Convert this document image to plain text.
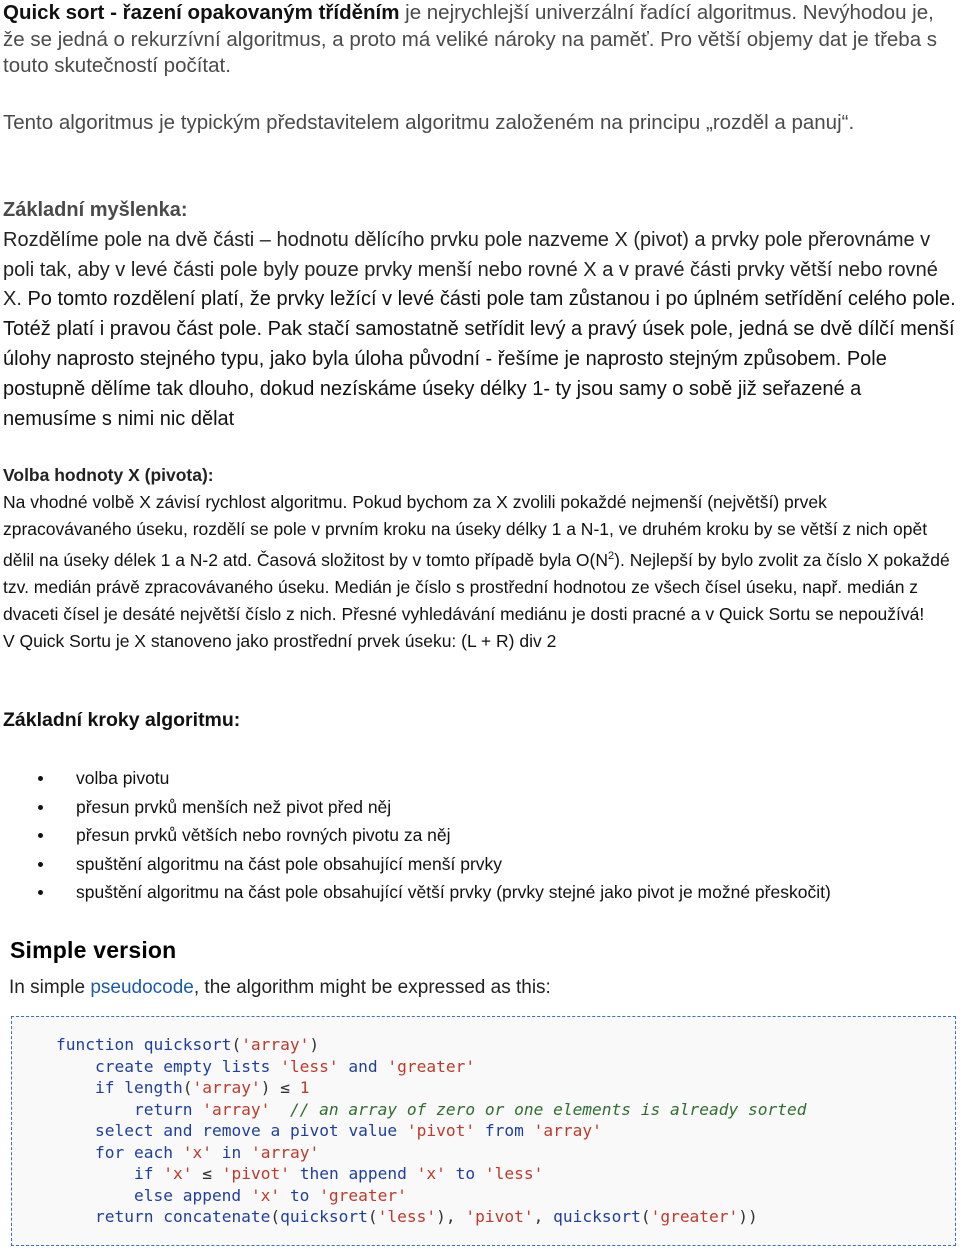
Quick sort - řazení opakovaným tříděním je nejrychlejší univerzální řadící algoritmus. Nevýhodou je, že se jedná o rekurzívní algoritmus, a proto má veliké nároky na paměť. Pro větší objemy dat je třeba s touto skutečností počítat.

Tento algoritmus je typickým představitelem algoritmu založeném na principu „rozděl a panuj“.

Základní myšlenka:
Rozdělíme pole na dvě části – hodnotu dělícího prvku pole nazveme X (pivot) a prvky pole přerovnáme v poli tak, aby v levé části pole byly pouze prvky menší nebo rovné X a v pravé části prvky větší nebo rovné X. Po tomto rozdělení platí, že prvky ležící v levé části pole tam zůstanou i po úplném setřídění celého pole. Totéž platí i pravou část pole. Pak stačí samostatně setřídit levý a pravý úsek pole, jedná se dvě dílčí menší úlohy naprosto stejného typu, jako byla úloha původní - řešíme je naprosto stejným způsobem. Pole postupně dělíme tak dlouho, dokud nezískáme úseky délky 1- ty jsou samy o sobě již seřazené a nemusíme s nimi nic dělat
Volba hodnoty X (pivota):
Na vhodné volbě X závisí rychlost algoritmu. Pokud bychom za X zvolili pokaždé nejmenší (největší) prvek zpracovávaného úseku, rozdělí se pole v prvním kroku na úseky délky 1 a N-1, ve druhém kroku by se větší z nich opět dělil na úseky délek 1 a N-2 atd. Časová složitost by v tomto případě byla $O(N^2)$. Nejlepší by bylo zvolit za číslo X pokaždé tzv. medián právě zpracovávaného úseku. Medián je číslo s prostřední hodnotou ze všech čísel úseku, např. medián z dvaceti čísel je desáté největší číslo z nich. Přesné vyhledávání mediánu je dosti pracné a v Quick Sortu se nepoužívá!
V Quick Sortu je X stanoveno jako prostřední prvek úseku: (L + R) div 2
Základní kroky algoritmu:
volba pivotu
přesun prvků menších než pivot před něj
přesun prvků větších nebo rovných pivotu za něj
spuštění algoritmu na část pole obsahující menší prvky
spuštění algoritmu na část pole obsahující větší prvky (prvky stejné jako pivot je možné přeskočit)
Simple version
In simple pseudocode, the algorithm might be expressed as this:
function quicksort('array')
create empty lists 'less' and 'greater'
if length('array') ≤ 1
return 'array' // an array of zero or one elements is already sorted
select and remove a pivot value 'pivot' from 'array'
for each 'x' in 'array'
if 'x' ≤ 'pivot' then append 'x' to 'less'
else append 'x' to 'greater'
return concatenate(quicksort('less'), 'pivot', quicksort('greater'))
